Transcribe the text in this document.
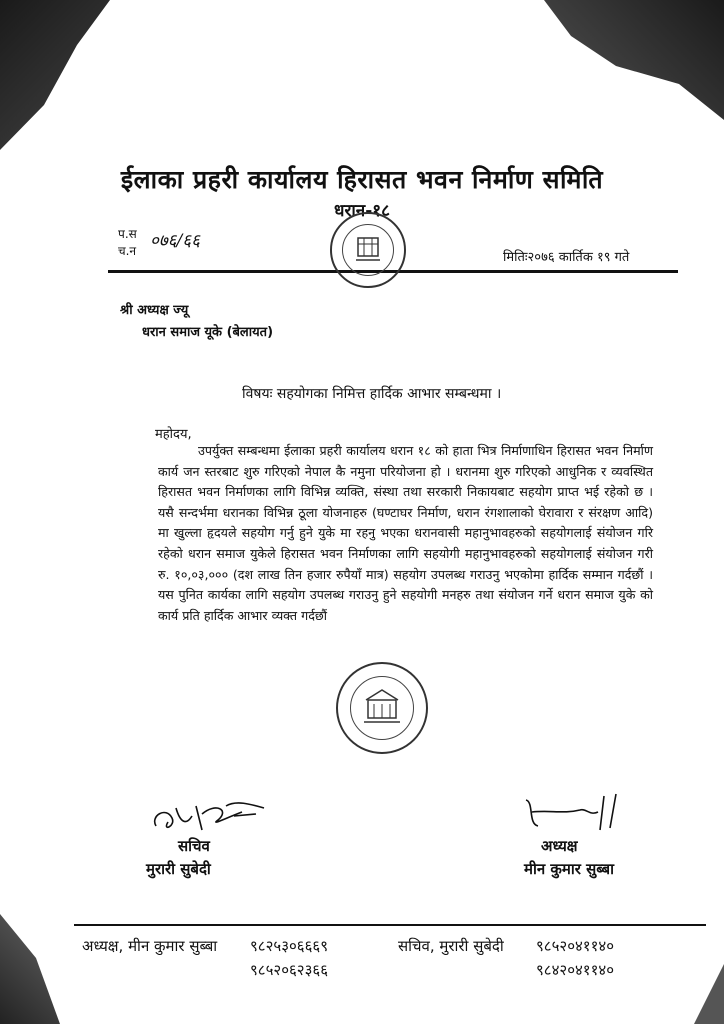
ईलाका प्रहरी कार्यालय हिरासत भवन निर्माण समिति
धरान-१८
प.स
च.न ०७६/६६
मितिः२०७६ कार्तिक १९ गते
श्री अध्यक्ष ज्यू
धरान समाज यूके (बेलायत)
विषयः सहयोगका निमित्त हार्दिक आभार सम्बन्धमा ।
महोदय,
उपर्युक्त सम्बन्धमा ईलाका प्रहरी कार्यालय धरान १८ को हाता भित्र निर्माणाधिन हिरासत भवन निर्माण कार्य जन स्तरबाट शुरु गरिएको नेपाल कै नमुना परियोजना हो । धरानमा शुरु गरिएको आधुनिक र व्यवस्थित हिरासत भवन निर्माणका लागि विभिन्न व्यक्ति, संस्था तथा सरकारी निकायबाट सहयोग प्राप्त भई रहेको छ । यसै सन्दर्भमा धरानका विभिन्न ठूला योजनाहरु (घण्टाघर निर्माण, धरान रंगशालाको घेरावारा र संरक्षण आदि) मा खुल्ला हृदयले सहयोग गर्नु हुने युके मा रहनु भएका धरानवासी महानुभावहरुको सहयोगलाई संयोजन गरि रहेको धरान समाज युकेले हिरासत भवन निर्माणका लागि सहयोगी महानुभावहरुको सहयोगलाई संयोजन गरी रु. १०,०३,००० (दश लाख तिन हजार रुपैयाँ मात्र) सहयोग उपलब्ध गराउनु भएकोमा हार्दिक सम्मान गर्दछौं । यस पुनित कार्यका लागि सहयोग उपलब्ध गराउनु हुने सहयोगी मनहरु तथा संयोजन गर्ने धरान समाज युके को कार्य प्रति हार्दिक आभार व्यक्त गर्दछौं
सचिव
मुरारी सुबेदी
अध्यक्ष
मीन कुमार सुब्बा
अध्यक्ष, मीन कुमार सुब्बा ९८२५३०६६६९
९८५२०६२३६६
सचिव, मुरारी सुबेदी ९८५२०४११४०
९८४२०४११४०
